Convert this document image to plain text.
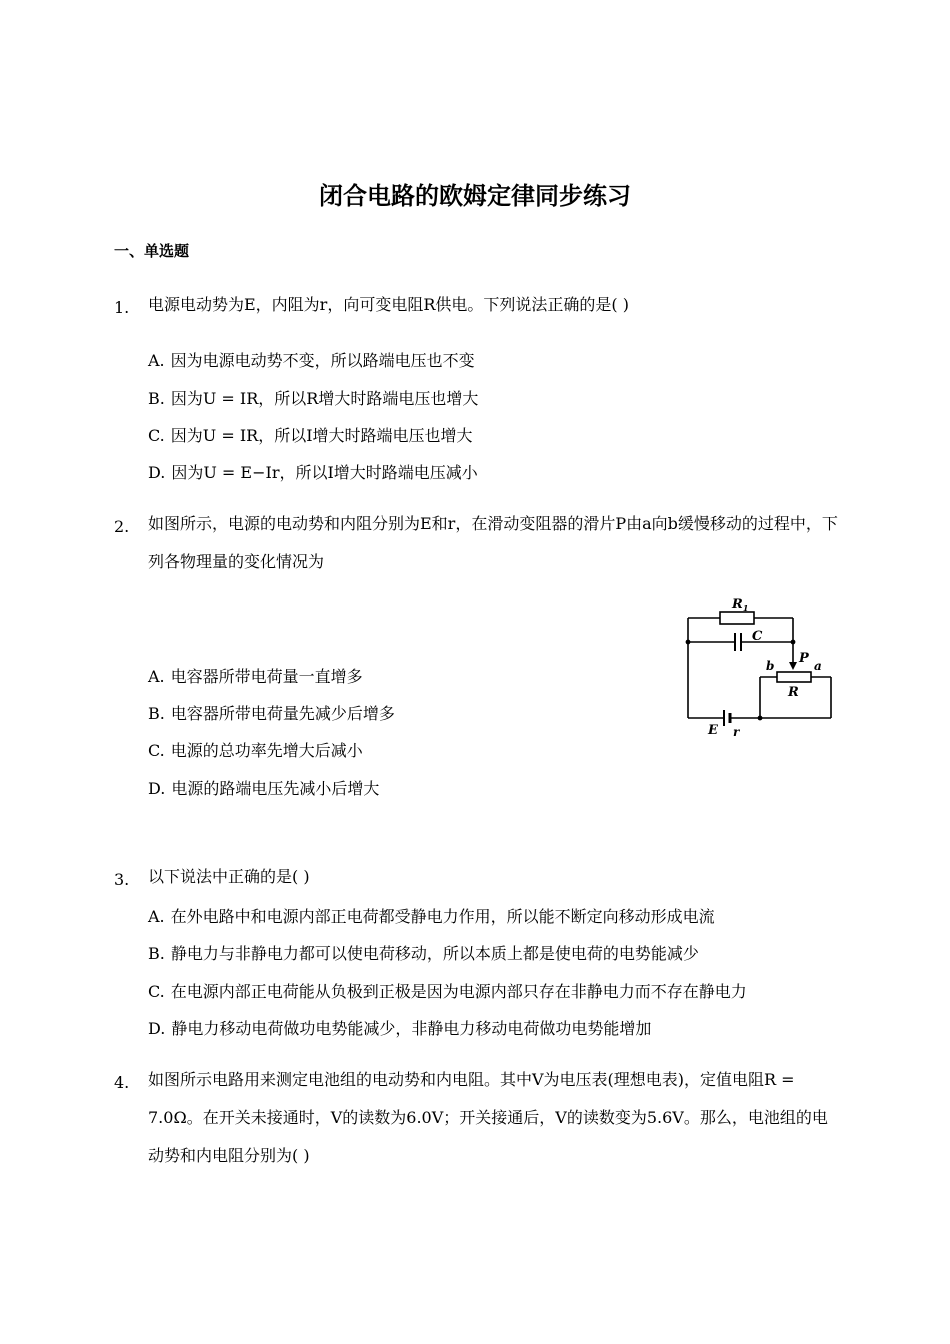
闭合电路的欧姆定律同步练习
一、单选题
1. 电源电动势为E，内阻为r，向可变电阻R供电。下列说法正确的是( )
A. 因为电源电动势不变，所以路端电压也不变
B. 因为U = IR，所以R增大时路端电压也增大
C. 因为U = IR，所以I增大时路端电压也增大
D. 因为U = E−Ir，所以I增大时路端电压减小
2. 如图所示，电源的电动势和内阻分别为E和r，在滑动变阻器的滑片P由a向b缓慢移动的过程中，下列各物理量的变化情况为
A. 电容器所带电荷量一直增多
B. 电容器所带电荷量先减少后增多
C. 电源的总功率先增大后减小
D. 电源的路端电压先减小后增大
$R_1$
C
P a
b
R
E r
3. 以下说法中正确的是( )
A. 在外电路中和电源内部正电荷都受静电力作用，所以能不断定向移动形成电流
B. 静电力与非静电力都可以使电荷移动，所以本质上都是使电荷的电势能减少
C. 在电源内部正电荷能从负极到正极是因为电源内部只存在非静电力而不存在静电力
D. 静电力移动电荷做功电势能减少，非静电力移动电荷做功电势能增加
4. 如图所示电路用来测定电池组的电动势和内电阻。其中V为电压表(理想电表)，定值电阻R = 7.0Ω。在开关未接通时，V的读数为6.0V；开关接通后，V的读数变为5.6V。那么，电池组的电动势和内电阻分别为( )
